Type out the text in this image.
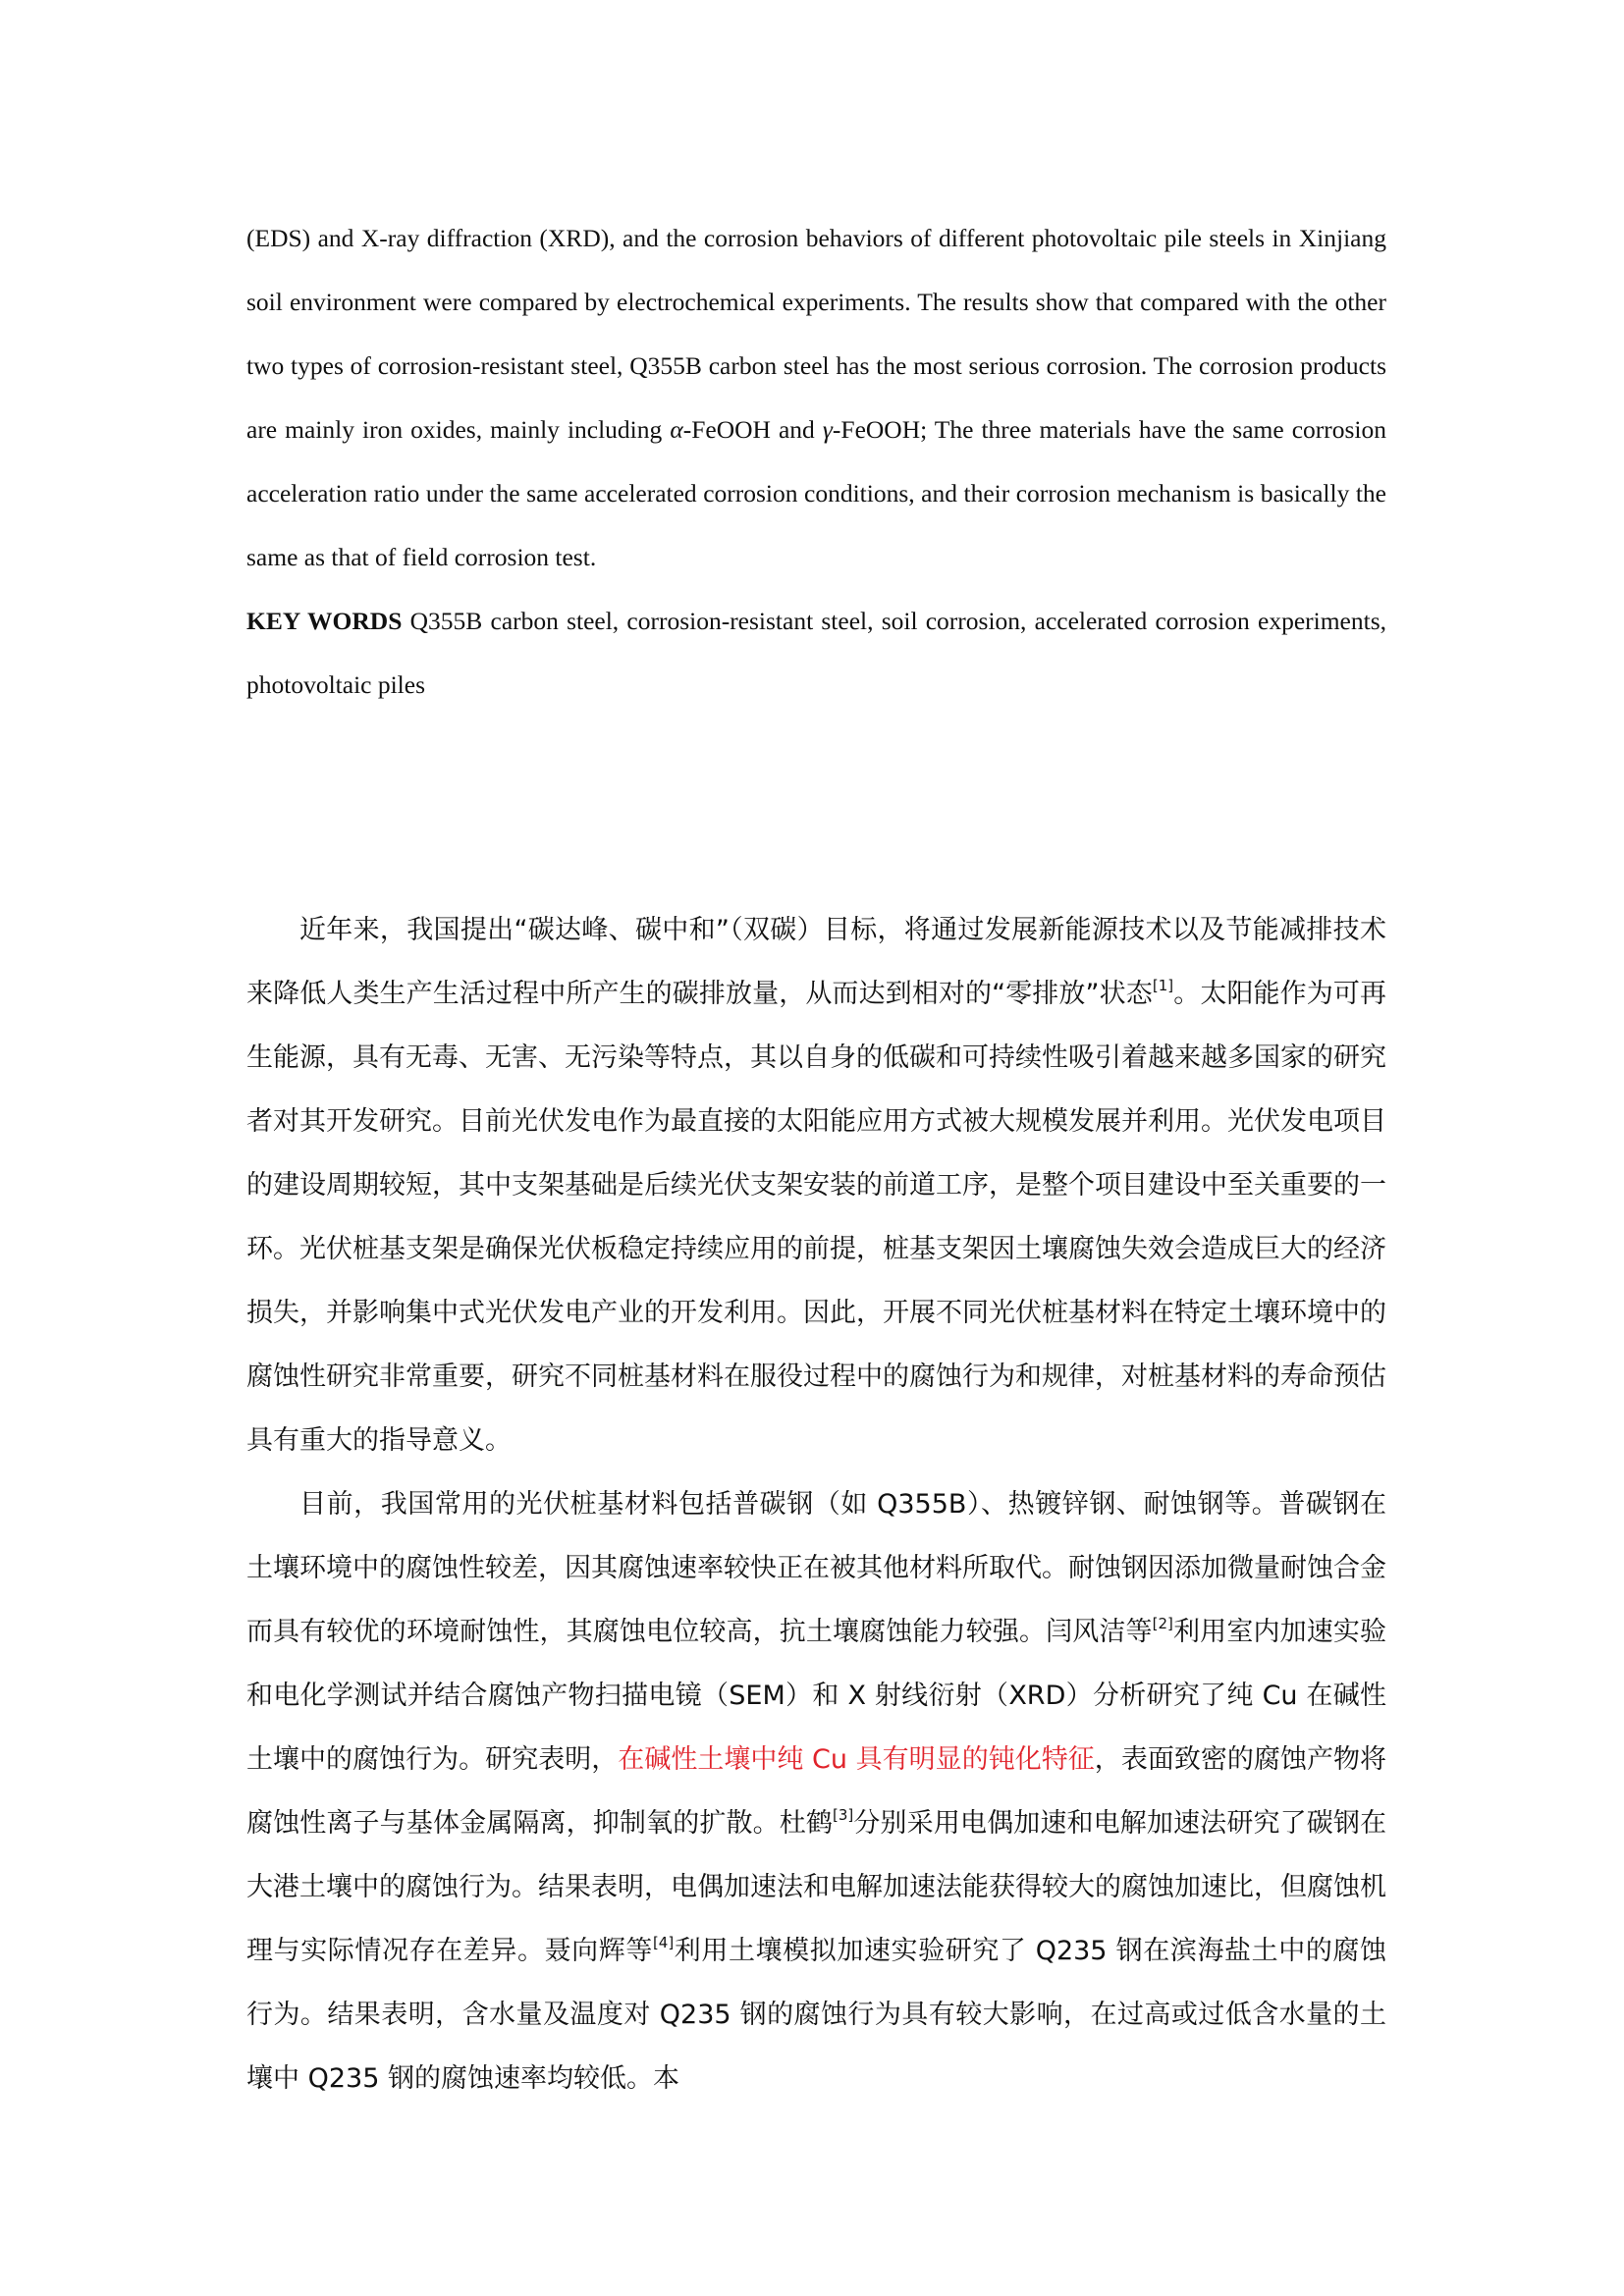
(EDS) and X-ray diffraction (XRD), and the corrosion behaviors of different photovoltaic pile steels in Xinjiang soil environment were compared by electrochemical experiments. The results show that compared with the other two types of corrosion-resistant steel, Q355B carbon steel has the most serious corrosion. The corrosion products are mainly iron oxides, mainly including α-FeOOH and γ-FeOOH; The three materials have the same corrosion acceleration ratio under the same accelerated corrosion conditions, and their corrosion mechanism is basically the same as that of field corrosion test.

KEY WORDS Q355B carbon steel, corrosion-resistant steel, soil corrosion, accelerated corrosion experiments, photovoltaic piles

近年来，我国提出“碳达峰、碳中和”（双碳）目标，将通过发展新能源技术以及节能减排技术来降低人类生产生活过程中所产生的碳排放量，从而达到相对的“零排放”状态[1]。太阳能作为可再生能源，具有无毒、无害、无污染等特点，其以自身的低碳和可持续性吸引着越来越多国家的研究者对其开发研究。目前光伏发电作为最直接的太阳能应用方式被大规模发展并利用。光伏发电项目的建设周期较短，其中支架基础是后续光伏支架安装的前道工序，是整个项目建设中至关重要的一环。光伏桩基支架是确保光伏板稳定持续应用的前提，桩基支架因土壤腐蚀失效会造成巨大的经济损失，并影响集中式光伏发电产业的开发利用。因此，开展不同光伏桩基材料在特定土壤环境中的腐蚀性研究非常重要，研究不同桩基材料在服役过程中的腐蚀行为和规律，对桩基材料的寿命预估具有重大的指导意义。

目前，我国常用的光伏桩基材料包括普碳钢（如 Q355B）、热镀锌钢、耐蚀钢等。普碳钢在土壤环境中的腐蚀性较差，因其腐蚀速率较快正在被其他材料所取代。耐蚀钢因添加微量耐蚀合金而具有较优的环境耐蚀性，其腐蚀电位较高，抗土壤腐蚀能力较强。闫风洁等[2]利用室内加速实验和电化学测试并结合腐蚀产物扫描电镜（SEM）和 X 射线衍射（XRD）分析研究了纯 Cu 在碱性土壤中的腐蚀行为。研究表明，在碱性土壤中纯 Cu 具有明显的钝化特征，表面致密的腐蚀产物将腐蚀性离子与基体金属隔离，抑制氧的扩散。杜鹤[3]分别采用电偶加速和电解加速法研究了碳钢在大港土壤中的腐蚀行为。结果表明，电偶加速法和电解加速法能获得较大的腐蚀加速比，但腐蚀机理与实际情况存在差异。聂向辉等[4]利用土壤模拟加速实验研究了 Q235 钢在滨海盐土中的腐蚀行为。结果表明，含水量及温度对 Q235 钢的腐蚀行为具有较大影响，在过高或过低含水量的土壤中 Q235 钢的腐蚀速率均较低。本
